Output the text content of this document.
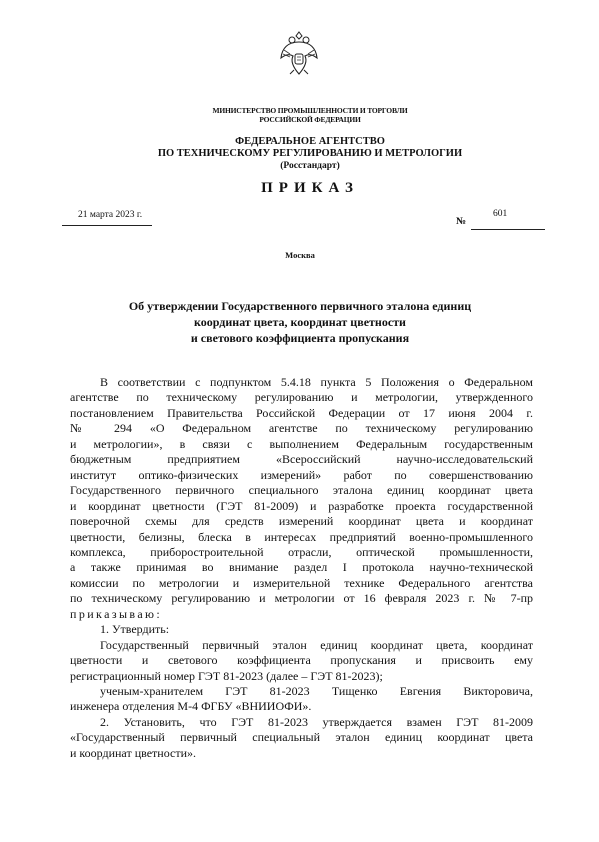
МИНИСТЕРСТВО ПРОМЫШЛЕННОСТИ И ТОРГОВЛИ
РОССИЙСКОЙ ФЕДЕРАЦИИ
ФЕДЕРАЛЬНОЕ АГЕНТСТВО
ПО ТЕХНИЧЕСКОМУ РЕГУЛИРОВАНИЮ И МЕТРОЛОГИИ
(Росстандарт)
ПРИКАЗ
21 марта 2023 г.
№
601
Москва
Об утверждении Государственного первичного эталона единиц
координат цвета, координат цветности
и светового коэффициента пропускания
В соответствии с подпунктом 5.4.18 пункта 5 Положения о Федеральном
агентстве по техническому регулированию и метрологии, утвержденного
постановлением Правительства Российской Федерации от 17 июня 2004 г.
№ 294 «О Федеральном агентстве по техническому регулированию
и метрологии», в связи с выполнением Федеральным государственным
бюджетным предприятием «Всероссийский научно-исследовательский
институт оптико-физических измерений» работ по совершенствованию
Государственного первичного специального эталона единиц координат цвета
и координат цветности (ГЭТ 81-2009) и разработке проекта государственной
поверочной схемы для средств измерений координат цвета и координат
цветности, белизны, блеска в интересах предприятий военно-промышленного
комплекса, приборостроительной отрасли, оптической промышленности,
а также принимая во внимание раздел I протокола научно-технической
комиссии по метрологии и измерительной технике Федерального агентства
по техническому регулированию и метрологии от 16 февраля 2023 г. № 7-пр
приказываю:
1. Утвердить:
Государственный первичный эталон единиц координат цвета, координат
цветности и светового коэффициента пропускания и присвоить ему
регистрационный номер ГЭТ 81-2023 (далее – ГЭТ 81-2023);
ученым-хранителем ГЭТ 81-2023 Тищенко Евгения Викторовича,
инженера отделения М-4 ФГБУ «ВНИИОФИ».
2. Установить, что ГЭТ 81-2023 утверждается взамен ГЭТ 81-2009
«Государственный первичный специальный эталон единиц координат цвета
и координат цветности».
